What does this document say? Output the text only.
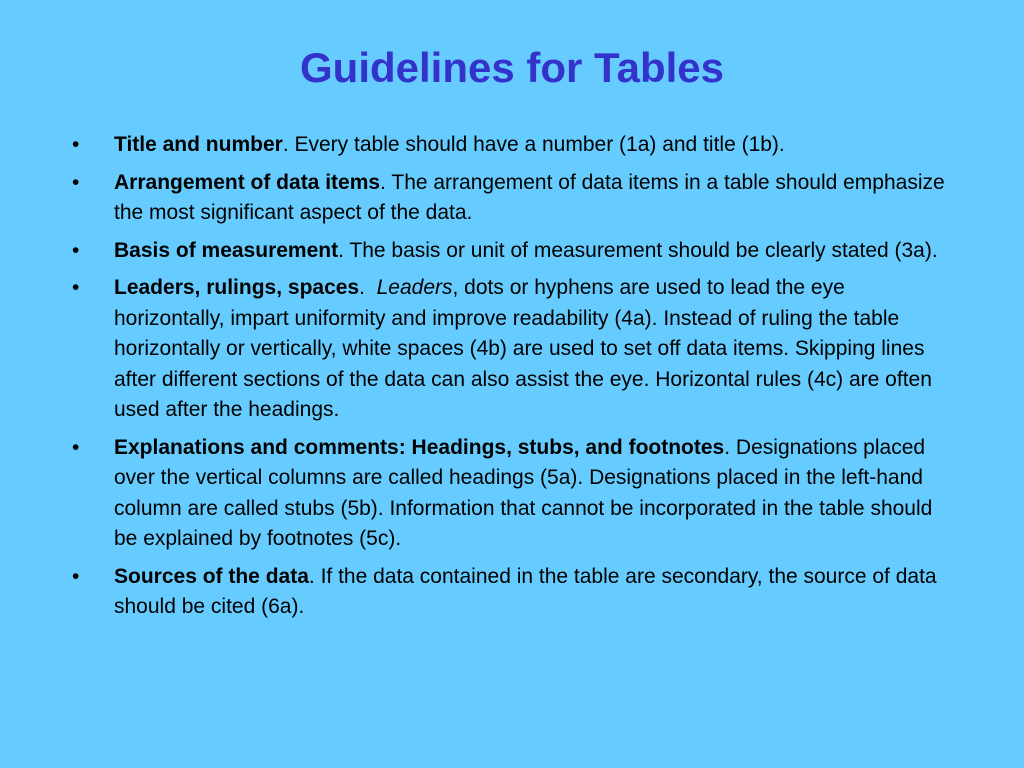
Guidelines for Tables
•	Title and number. Every table should have a number (1a) and title (1b).
•	Arrangement of data items. The arrangement of data items in a table should emphasize the most significant aspect of the data.
•	Basis of measurement. The basis or unit of measurement should be clearly stated (3a).
•	Leaders, rulings, spaces.  Leaders, dots or hyphens are used to lead the eye horizontally, impart uniformity and improve readability (4a). Instead of ruling the table horizontally or vertically, white spaces (4b) are used to set off data items. Skipping lines after different sections of the data can also assist the eye. Horizontal rules (4c) are often used after the headings.
•	Explanations and comments: Headings, stubs, and footnotes. Designations placed over the vertical columns are called headings (5a). Designations placed in the left-hand column are called stubs (5b). Information that cannot be incorporated in the table should be explained by footnotes (5c).
•	Sources of the data. If the data contained in the table are secondary, the source of data should be cited (6a).
